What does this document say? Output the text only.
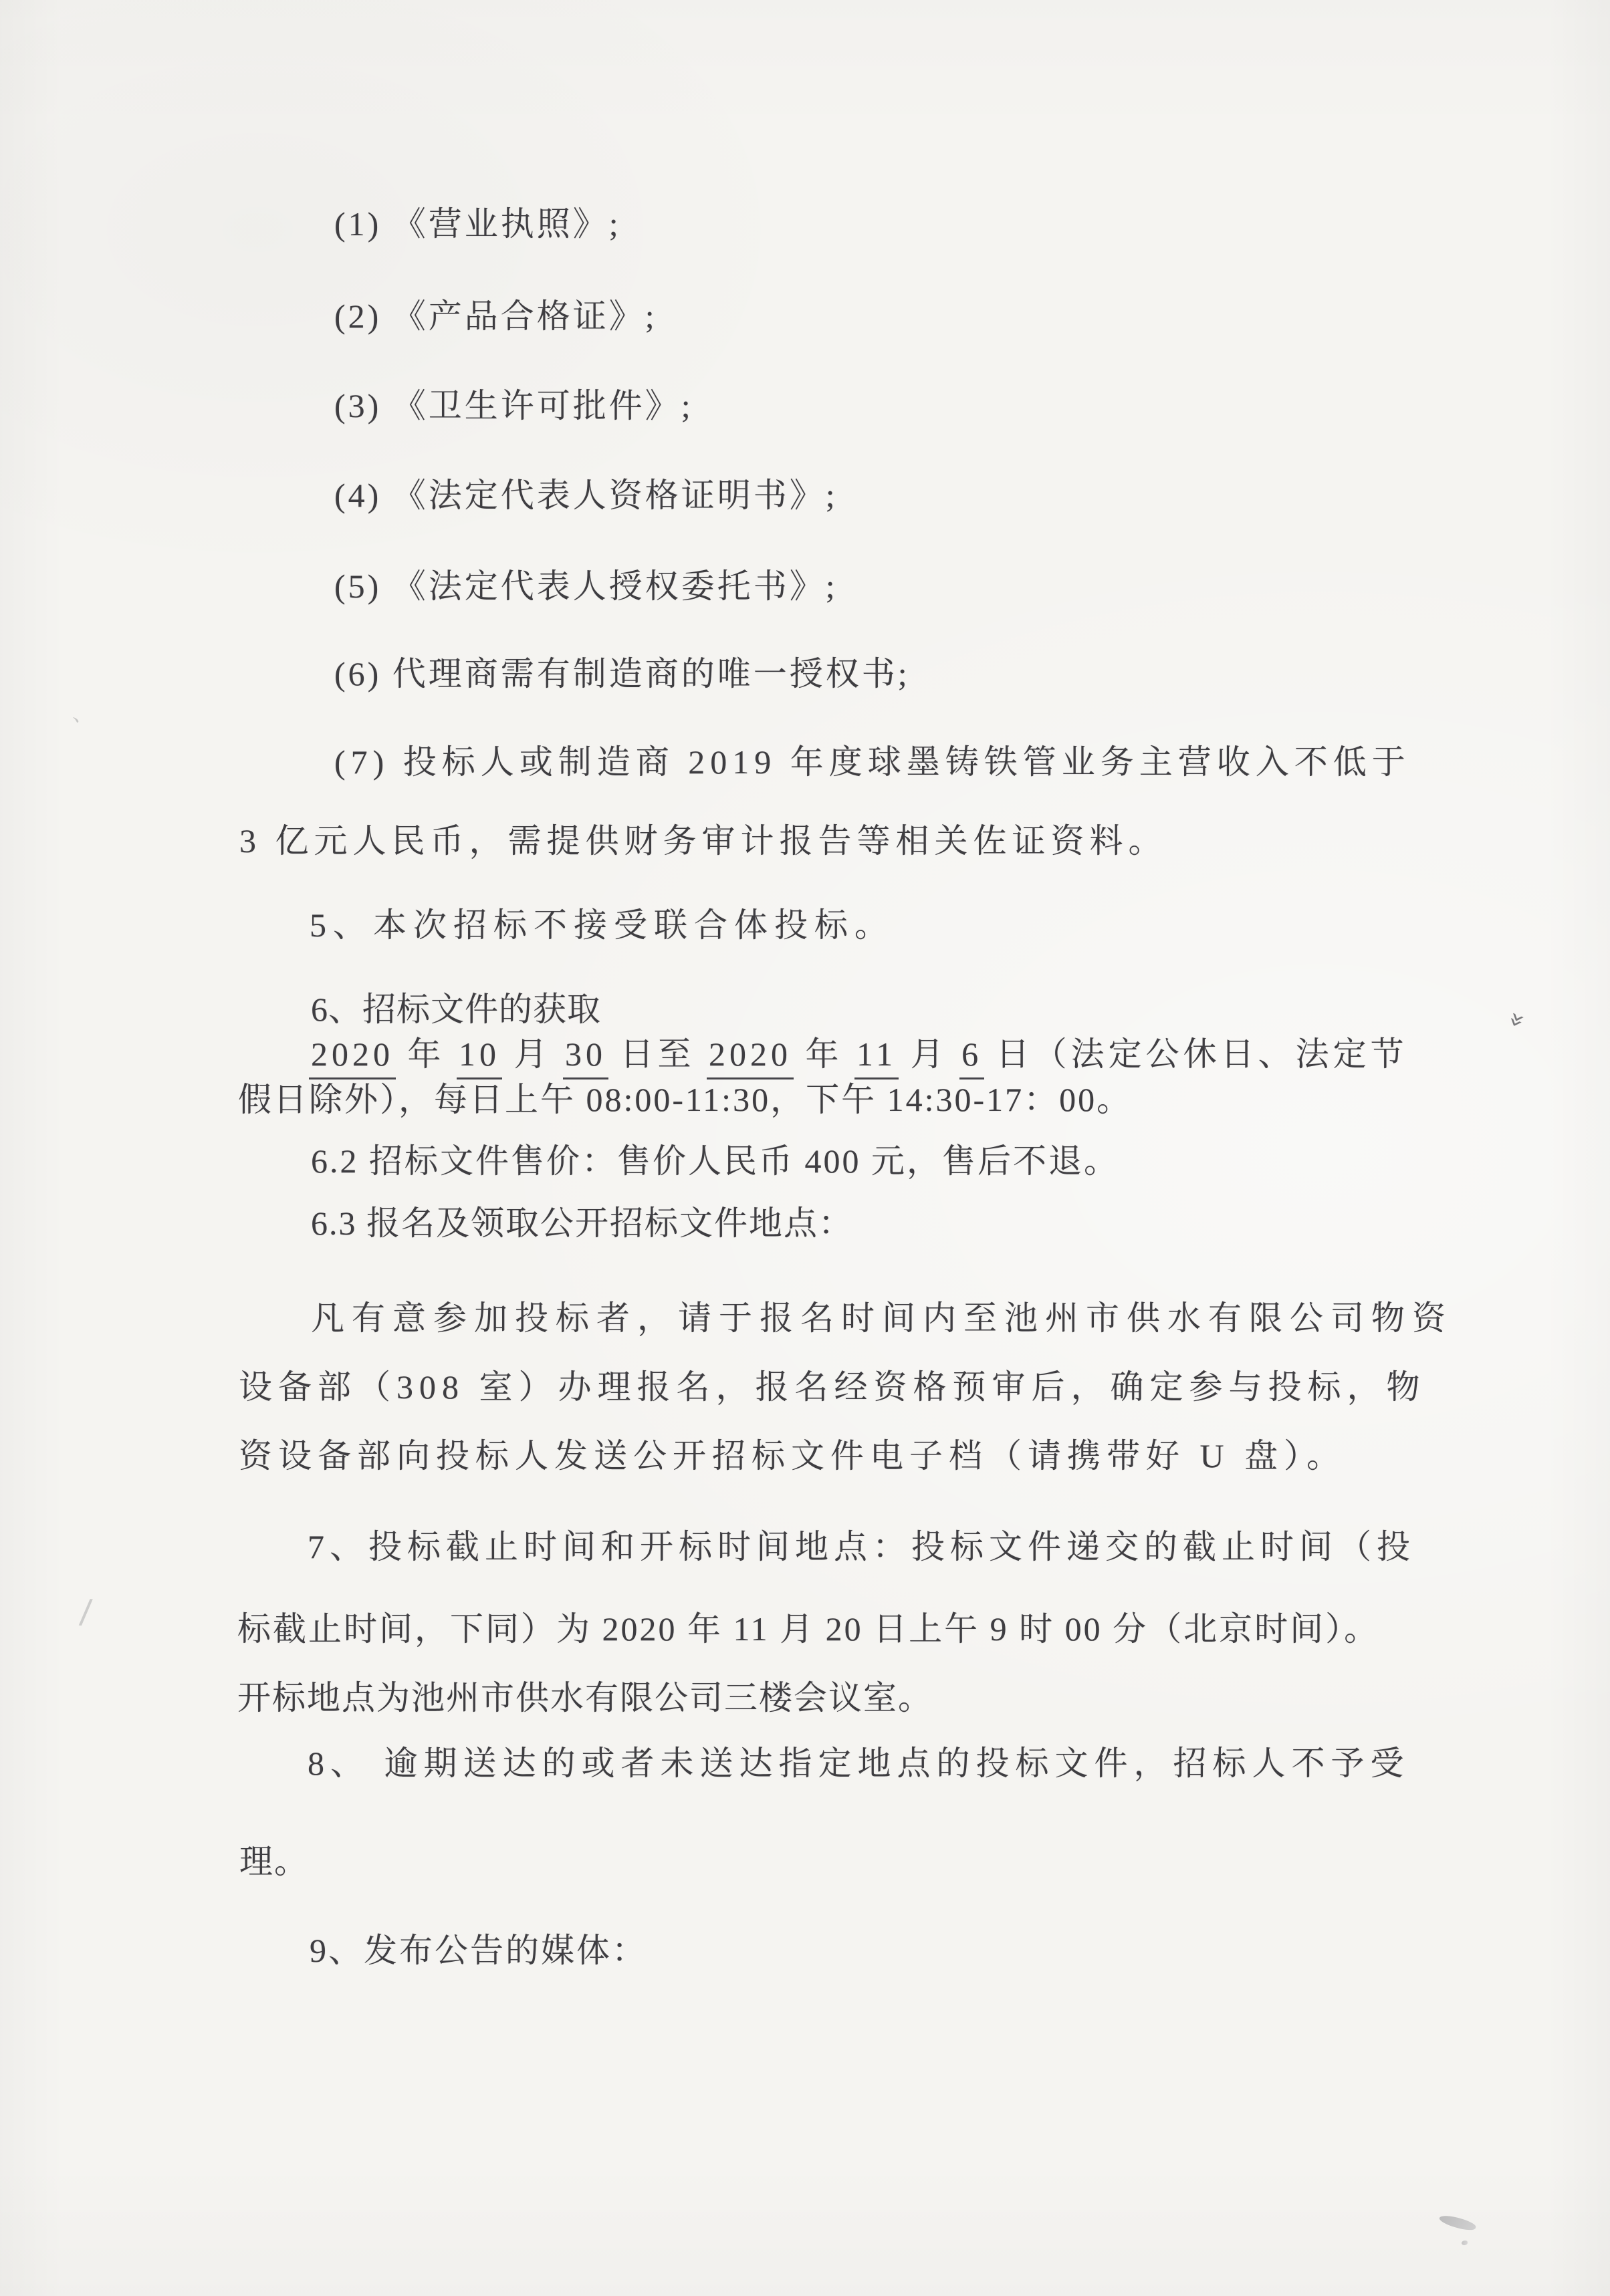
(1) 《营业执照》;
(2) 《产品合格证》;
(3) 《卫生许可批件》;
(4) 《法定代表人资格证明书》;
(5) 《法定代表人授权委托书》;
(6) 代理商需有制造商的唯一授权书;
(7) 投标人或制造商 2019 年度球墨铸铁管业务主营收入不低于
3 亿元人民币，需提供财务审计报告等相关佐证资料。
5、本次招标不接受联合体投标。
6、招标文件的获取
2020 年 10 月 30 日至 2020 年 11 月 6 日（法定公休日、法定节
假日除外），每日上午 08:00-11:30，下午 14:30-17：00。
6.2 招标文件售价：售价人民币 400 元，售后不退。
6.3 报名及领取公开招标文件地点：
凡有意参加投标者，请于报名时间内至池州市供水有限公司物资
设备部（308 室）办理报名，报名经资格预审后，确定参与投标，物
资设备部向投标人发送公开招标文件电子档（请携带好 U 盘）。
7、投标截止时间和开标时间地点：投标文件递交的截止时间（投
标截止时间，下同）为 2020 年 11 月 20 日上午 9 时 00 分（北京时间）。
开标地点为池州市供水有限公司三楼会议室。
8、 逾期送达的或者未送达指定地点的投标文件，招标人不予受
理。
9、发布公告的媒体：
»
、
/
